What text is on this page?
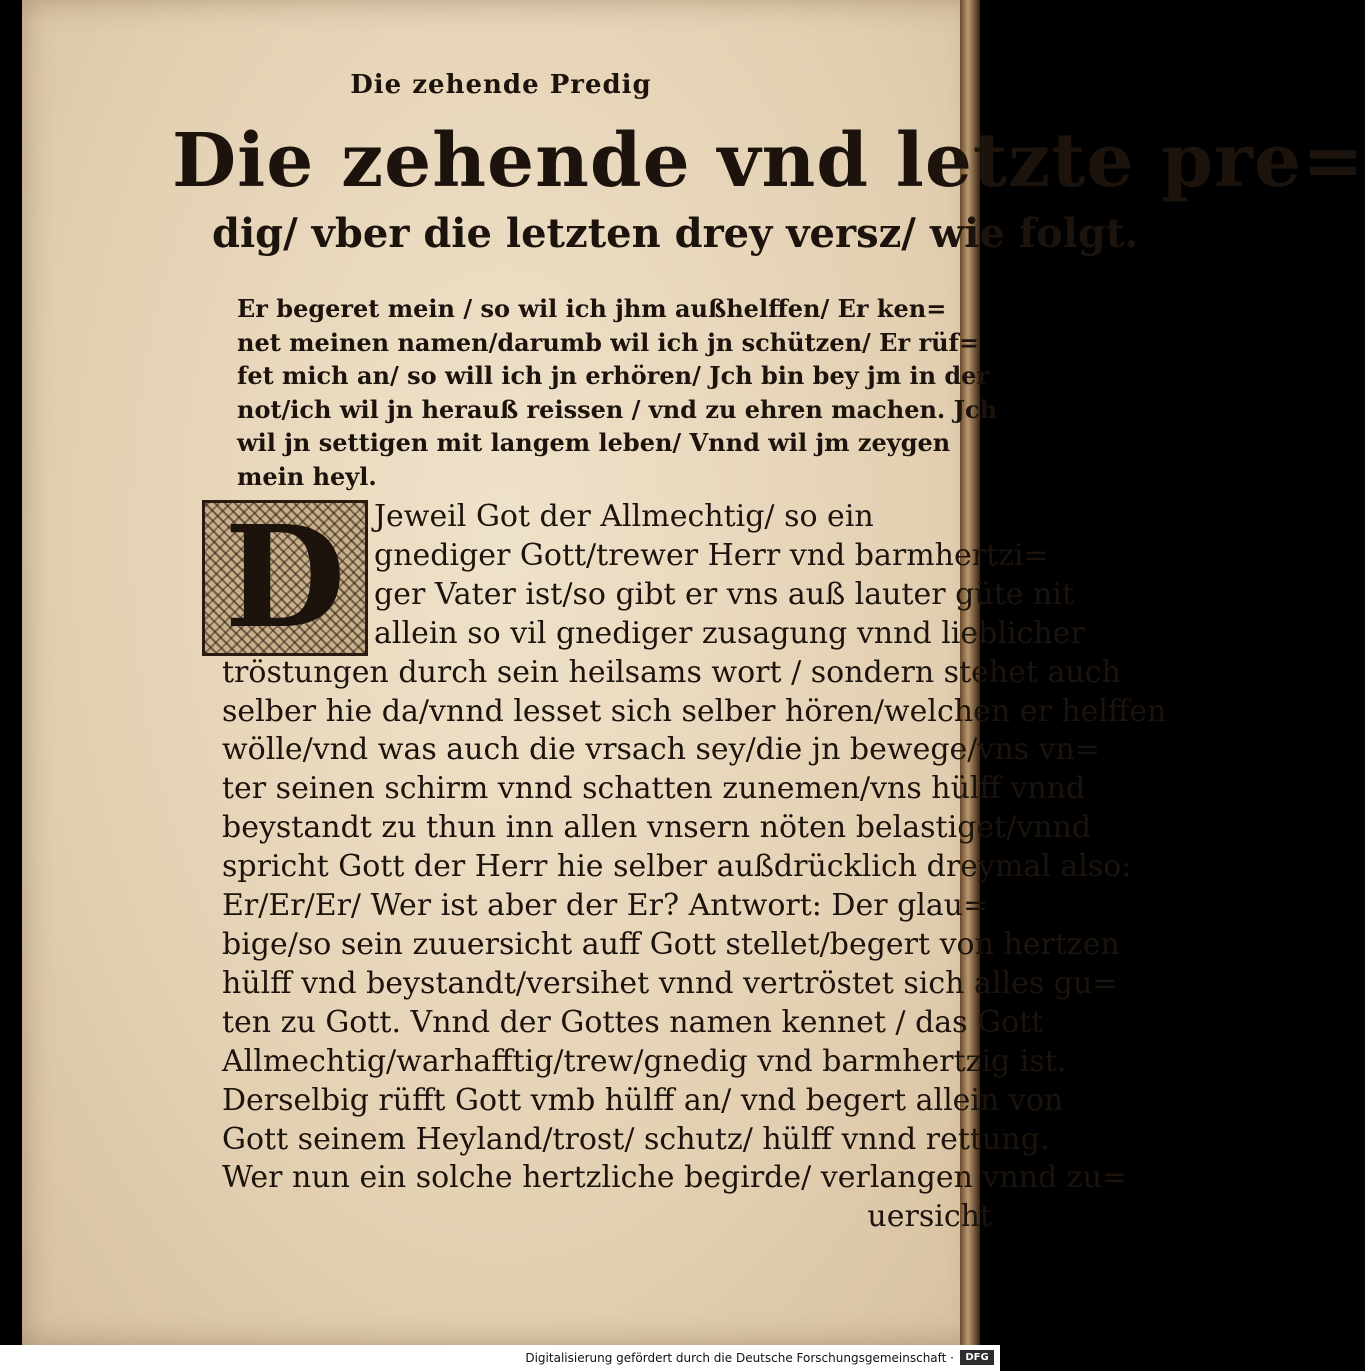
Die zehende Predig
Die zehende vnd letzte pre=
dig/ vber die letzten drey versz/ wie folgt.
Er begeret mein / so wil ich jhm außhelffen/ Er ken=
net meinen namen/darumb wil ich jn schützen/ Er rüf=
fet mich an/ so will ich jn erhören/ Jch bin bey jm in der
not/ich wil jn herauß reissen / vnd zu ehren machen. Jch
wil jn settigen mit langem leben/ Vnnd wil jm zeygen
mein heyl.
D Jeweil Got der Allmechtig/ so ein
gnediger Gott/trewer Herr vnd barmhertzi=
ger Vater ist/so gibt er vns auß lauter güte nit
allein so vil gnediger zusagung vnnd lieblicher
tröstungen durch sein heilsams wort / sondern stehet auch
selber hie da/vnnd lesset sich selber hören/welchen er helffen
wölle/vnd was auch die vrsach sey/die jn bewege/vns vn=
ter seinen schirm vnnd schatten zunemen/vns hülff vnnd
beystandt zu thun inn allen vnsern nöten belastiget/vnnd
spricht Gott der Herr hie selber außdrücklich dreymal also:
Er/Er/Er/ Wer ist aber der Er? Antwort: Der glau=
bige/so sein zuuersicht auff Gott stellet/begert von hertzen
hülff vnd beystandt/versihet vnnd vertröstet sich alles gu=
ten zu Gott. Vnnd der Gottes namen kennet / das Gott
Allmechtig/warhafftig/trew/gnedig vnd barmhertzig ist.
Derselbig rüfft Gott vmb hülff an/ vnd begert allein von
Gott seinem Heyland/trost/ schutz/ hülff vnnd rettung.
Wer nun ein solche hertzliche begirde/ verlangen vnnd zu=
uersicht
Digitalisierung gefördert durch die Deutsche Forschungsgemeinschaft ·	DFG
